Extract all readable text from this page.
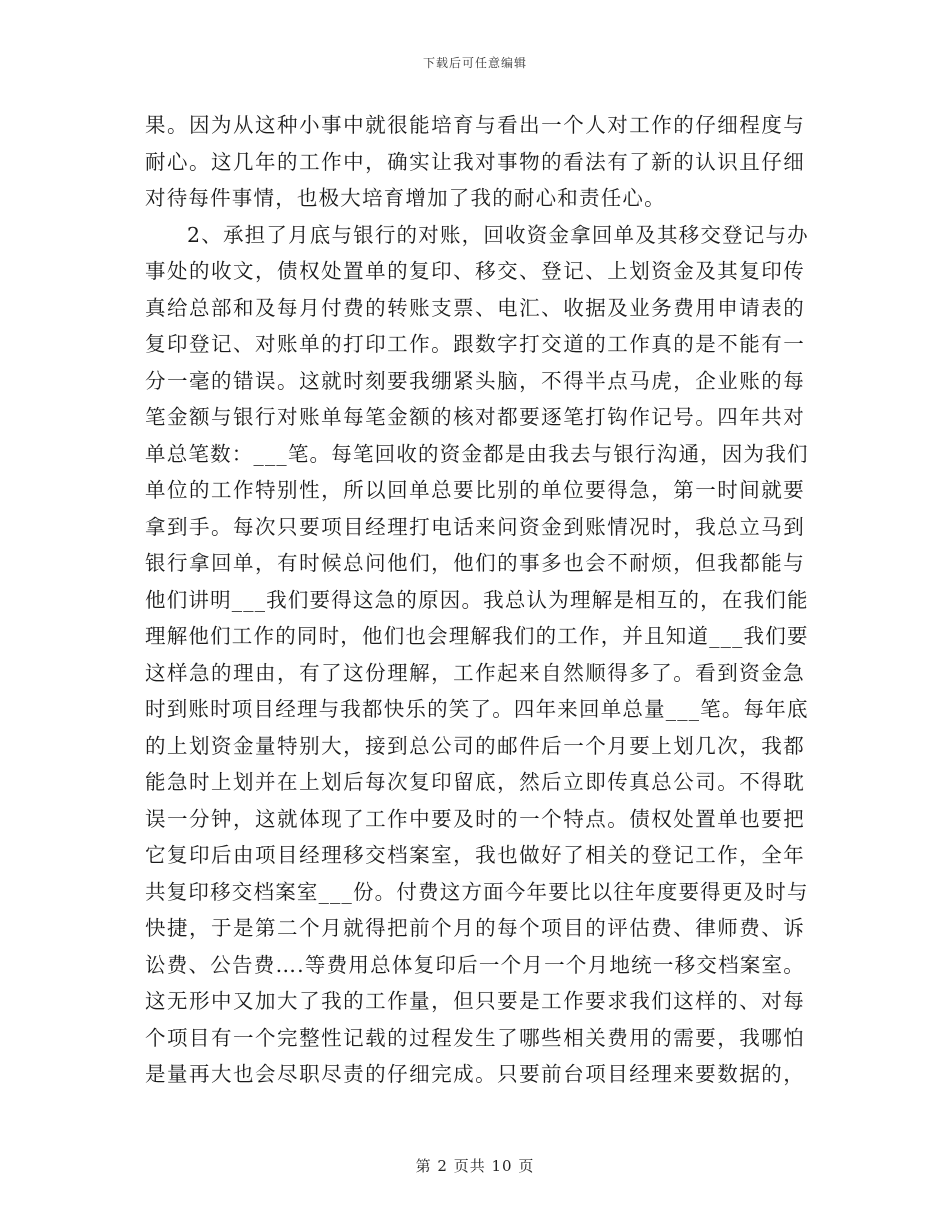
下载后可任意编辑
果。因为从这种小事中就很能培育与看出一个人对工作的仔细程度与
耐心。这几年的工作中，确实让我对事物的看法有了新的认识且仔细
对待每件事情，也极大培育增加了我的耐心和责任心。
2、承担了月底与银行的对账，回收资金拿回单及其移交登记与办
事处的收文，债权处置单的复印、移交、登记、上划资金及其复印传
真给总部和及每月付费的转账支票、电汇、收据及业务费用申请表的
复印登记、对账单的打印工作。跟数字打交道的工作真的是不能有一
分一毫的错误。这就时刻要我绷紧头脑，不得半点马虎，企业账的每
笔金额与银行对账单每笔金额的核对都要逐笔打钩作记号。四年共对
单总笔数：___笔。每笔回收的资金都是由我去与银行沟通，因为我们
单位的工作特别性，所以回单总要比别的单位要得急，第一时间就要
拿到手。每次只要项目经理打电话来问资金到账情况时，我总立马到
银行拿回单，有时候总问他们，他们的事多也会不耐烦，但我都能与
他们讲明___我们要得这急的原因。我总认为理解是相互的，在我们能
理解他们工作的同时，他们也会理解我们的工作，并且知道___我们要
这样急的理由，有了这份理解，工作起来自然顺得多了。看到资金急
时到账时项目经理与我都快乐的笑了。四年来回单总量___笔。每年底
的上划资金量特别大，接到总公司的邮件后一个月要上划几次，我都
能急时上划并在上划后每次复印留底，然后立即传真总公司。不得耽
误一分钟，这就体现了工作中要及时的一个特点。债权处置单也要把
它复印后由项目经理移交档案室，我也做好了相关的登记工作，全年
共复印移交档案室___份。付费这方面今年要比以往年度要得更及时与
快捷，于是第二个月就得把前个月的每个项目的评估费、律师费、诉
讼费、公告费….等费用总体复印后一个月一个月地统一移交档案室。
这无形中又加大了我的工作量，但只要是工作要求我们这样的、对每
个项目有一个完整性记载的过程发生了哪些相关费用的需要，我哪怕
是量再大也会尽职尽责的仔细完成。只要前台项目经理来要数据的，
第 2 页共 10 页
